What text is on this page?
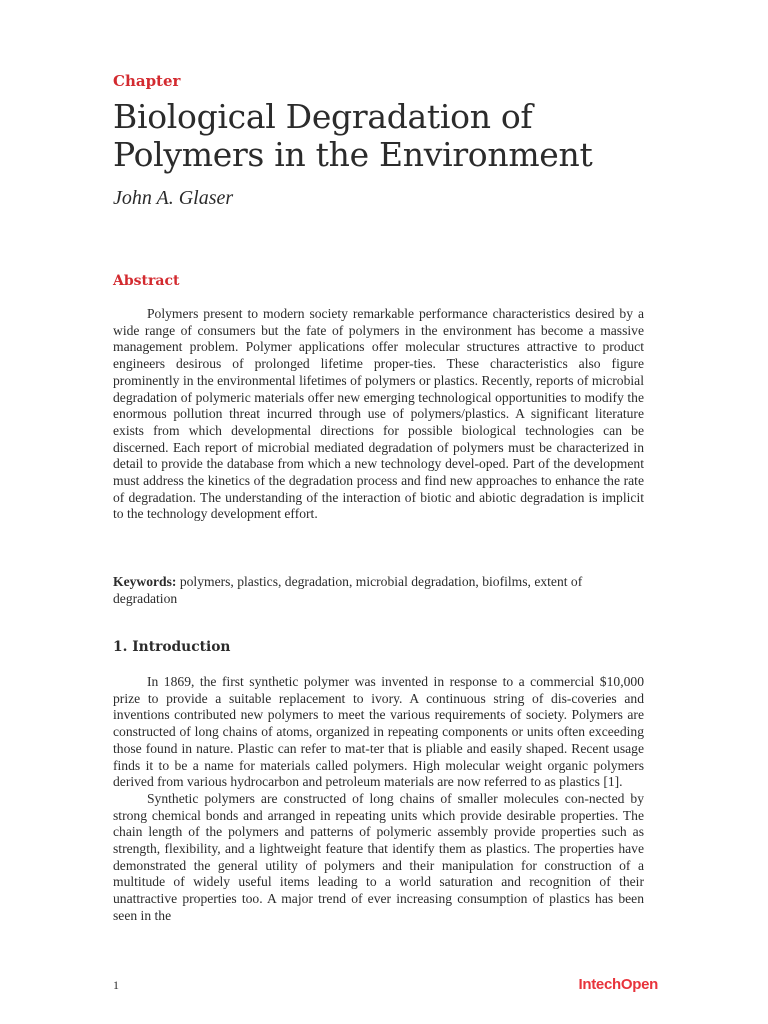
Chapter
Biological Degradation of
Polymers in the Environment
John A. Glaser
Abstract

Polymers present to modern society remarkable performance characteristics desired by a wide range of consumers but the fate of polymers in the environment has become a massive management problem. Polymer applications offer molecular structures attractive to product engineers desirous of prolonged lifetime proper-ties. These characteristics also figure prominently in the environmental lifetimes of polymers or plastics. Recently, reports of microbial degradation of polymeric materials offer new emerging technological opportunities to modify the enormous pollution threat incurred through use of polymers/plastics. A significant literature exists from which developmental directions for possible biological technologies can be discerned. Each report of microbial mediated degradation of polymers must be characterized in detail to provide the database from which a new technology devel-oped. Part of the development must address the kinetics of the degradation process and find new approaches to enhance the rate of degradation. The understanding of the interaction of biotic and abiotic degradation is implicit to the technology development effort.

Keywords: polymers, plastics, degradation, microbial degradation, biofilms, extent of degradation

1. Introduction

In 1869, the first synthetic polymer was invented in response to a commercial $10,000 prize to provide a suitable replacement to ivory. A continuous string of dis-coveries and inventions contributed new polymers to meet the various requirements of society. Polymers are constructed of long chains of atoms, organized in repeating components or units often exceeding those found in nature. Plastic can refer to mat-ter that is pliable and easily shaped. Recent usage finds it to be a name for materials called polymers. High molecular weight organic polymers derived from various hydrocarbon and petroleum materials are now referred to as plastics [1].

Synthetic polymers are constructed of long chains of smaller molecules con-nected by strong chemical bonds and arranged in repeating units which provide desirable properties. The chain length of the polymers and patterns of polymeric assembly provide properties such as strength, flexibility, and a lightweight feature that identify them as plastics. The properties have demonstrated the general utility of polymers and their manipulation for construction of a multitude of widely useful items leading to a world saturation and recognition of their unattractive properties too. A major trend of ever increasing consumption of plastics has been seen in the

1	IntechOpen
